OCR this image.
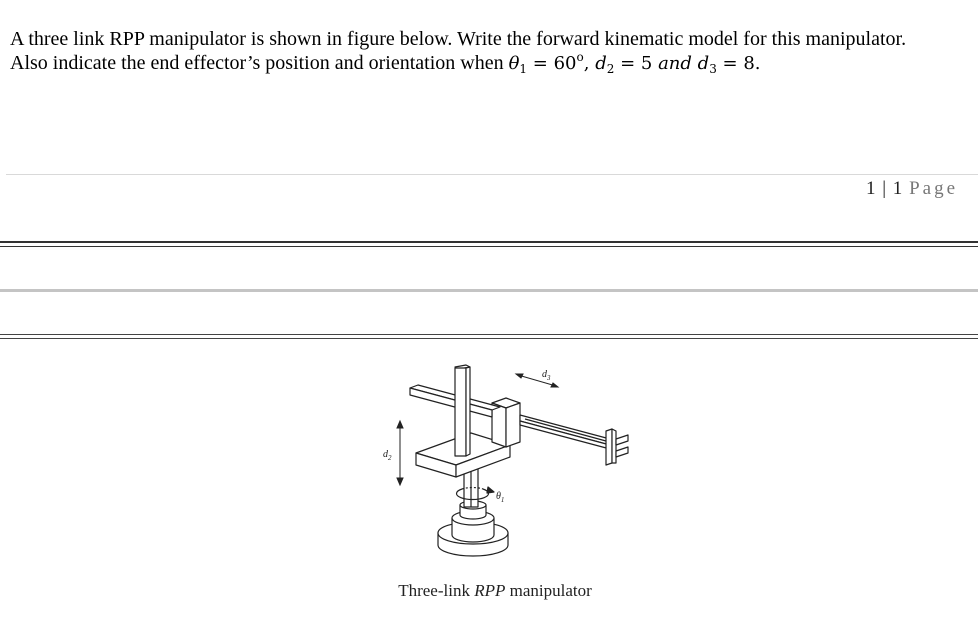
A three link RPP manipulator is shown in figure below. Write the forward kinematic model for this manipulator.
Also indicate the end effector’s position and orientation when $\theta_1 = 60^o$, $d_2 = 5$ and $d_3 = 8$.
1 | 1 Page
$d_3$
$d_2$
$\theta_1$
Three-link RPP manipulator
